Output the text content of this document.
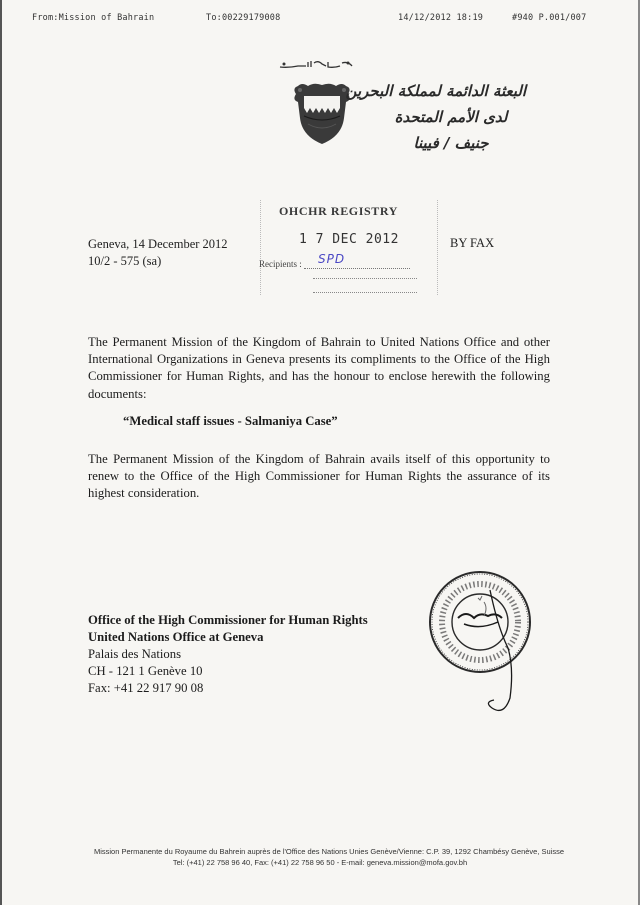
From:Mission of Bahrain	To:00229179008	14/12/2012 18:19	#940 P.001/007
البعثة الدائمة لمملكة البحرين
لدى الأمم المتحدة
جنيف / فيينا
OHCHR REGISTRY
1 7 DEC 2012
Recipients : SPD
Geneva, 14 December 2012
10/2 - 575 (sa)
BY FAX
The Permanent Mission of the Kingdom of Bahrain to United Nations Office and other International Organizations in Geneva presents its compliments to the Office of the High Commissioner for Human Rights, and has the honour to enclose herewith the following documents:
“Medical staff issues - Salmaniya Case”
The Permanent Mission of the Kingdom of Bahrain avails itself of this opportunity to renew to the Office of the High Commissioner for Human Rights the assurance of its highest consideration.
Office of the High Commissioner for Human Rights
United Nations Office at Geneva
Palais des Nations
CH - 121 1 Genève 10
Fax: +41 22 917 90 08
Mission Permanente du Royaume du Bahrein auprès de l'Office des Nations Unies Genève/Vienne: C.P. 39, 1292 Chambésy Genève, Suisse
Tel: (+41) 22 758 96 40, Fax: (+41) 22 758 96 50 - E-mail: geneva.mission@mofa.gov.bh
